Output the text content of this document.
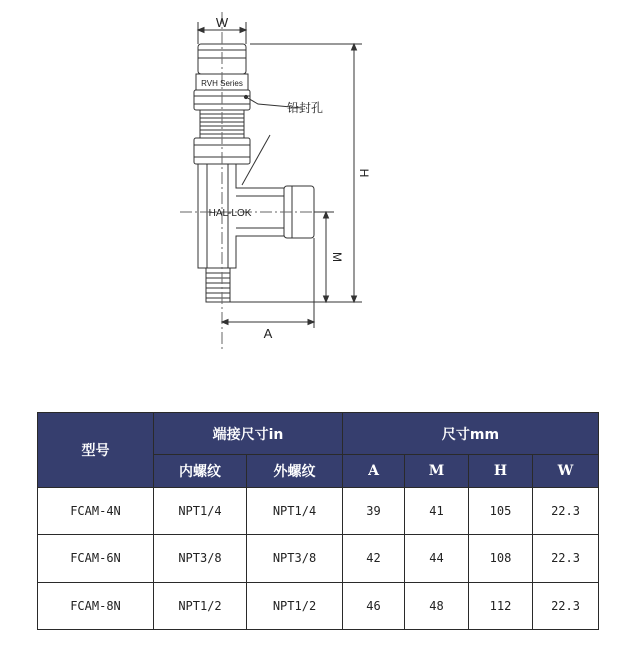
W
RVH Series
HAL-LOK
铅封孔
H
M
A
型号	端接尺寸in		尺寸mm			
	内螺纹	外螺纹	A	M	H	W
FCAM-4N	NPT1/4	NPT1/4	39	41	105	22.3
FCAM-6N	NPT3/8	NPT3/8	42	44	108	22.3
FCAM-8N	NPT1/2	NPT1/2	46	48	112	22.3
